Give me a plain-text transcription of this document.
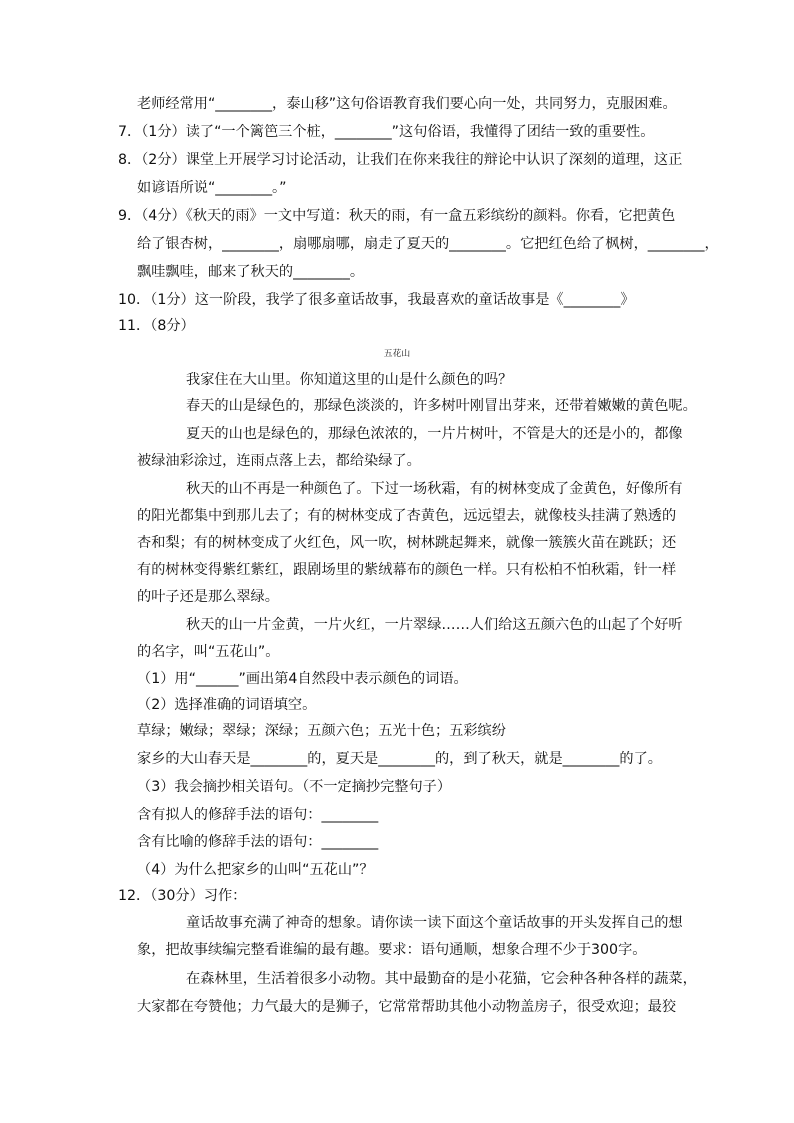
老师经常用“________，泰山移”这句俗语教育我们要心向一处，共同努力，克服困难。
7．（1分）读了“一个篱笆三个桩，________”这句俗语，我懂得了团结一致的重要性。
8．（2分）课堂上开展学习讨论活动，让我们在你来我往的辩论中认识了深刻的道理，这正
如谚语所说“________。”
9．（4分）《秋天的雨》一文中写道：秋天的雨，有一盒五彩缤纷的颜料。你看，它把黄色
给了银杏树，________，扇哪扇哪，扇走了夏天的________。它把红色给了枫树，________，
飘哇飘哇，邮来了秋天的________。
10．（1分）这一阶段，我学了很多童话故事，我最喜欢的童话故事是《________》
11．（8分）
五花山
我家住在大山里。你知道这里的山是什么颜色的吗？
春天的山是绿色的，那绿色淡淡的，许多树叶刚冒出芽来，还带着嫩嫩的黄色呢。
夏天的山也是绿色的，那绿色浓浓的，一片片树叶，不管是大的还是小的，都像
被绿油彩涂过，连雨点落上去，都给染绿了。
秋天的山不再是一种颜色了。下过一场秋霜，有的树林变成了金黄色，好像所有
的阳光都集中到那儿去了；有的树林变成了杏黄色，远远望去，就像枝头挂满了熟透的
杏和梨；有的树林变成了火红色，风一吹，树林跳起舞来，就像一簇簇火苗在跳跃；还
有的树林变得紫红紫红，跟剧场里的紫绒幕布的颜色一样。只有松柏不怕秋霜，针一样
的叶子还是那么翠绿。
秋天的山一片金黄，一片火红，一片翠绿……人们给这五颜六色的山起了个好听
的名字，叫“五花山”。
（1）用“______”画出第4自然段中表示颜色的词语。
（2）选择准确的词语填空。
草绿；嫩绿；翠绿；深绿；五颜六色；五光十色；五彩缤纷
家乡的大山春天是________的，夏天是________的，到了秋天，就是________的了。
（3）我会摘抄相关语句。（不一定摘抄完整句子）
含有拟人的修辞手法的语句：________
含有比喻的修辞手法的语句：________
（4）为什么把家乡的山叫“五花山”？
12．（30分）习作：
童话故事充满了神奇的想象。请你读一读下面这个童话故事的开头发挥自己的想
象，把故事续编完整看谁编的最有趣。要求：语句通顺，想象合理不少于300字。
在森林里，生活着很多小动物。其中最勤奋的是小花猫，它会种各种各样的蔬菜，
大家都在夸赞他；力气最大的是狮子，它常常帮助其他小动物盖房子，很受欢迎；最狡
